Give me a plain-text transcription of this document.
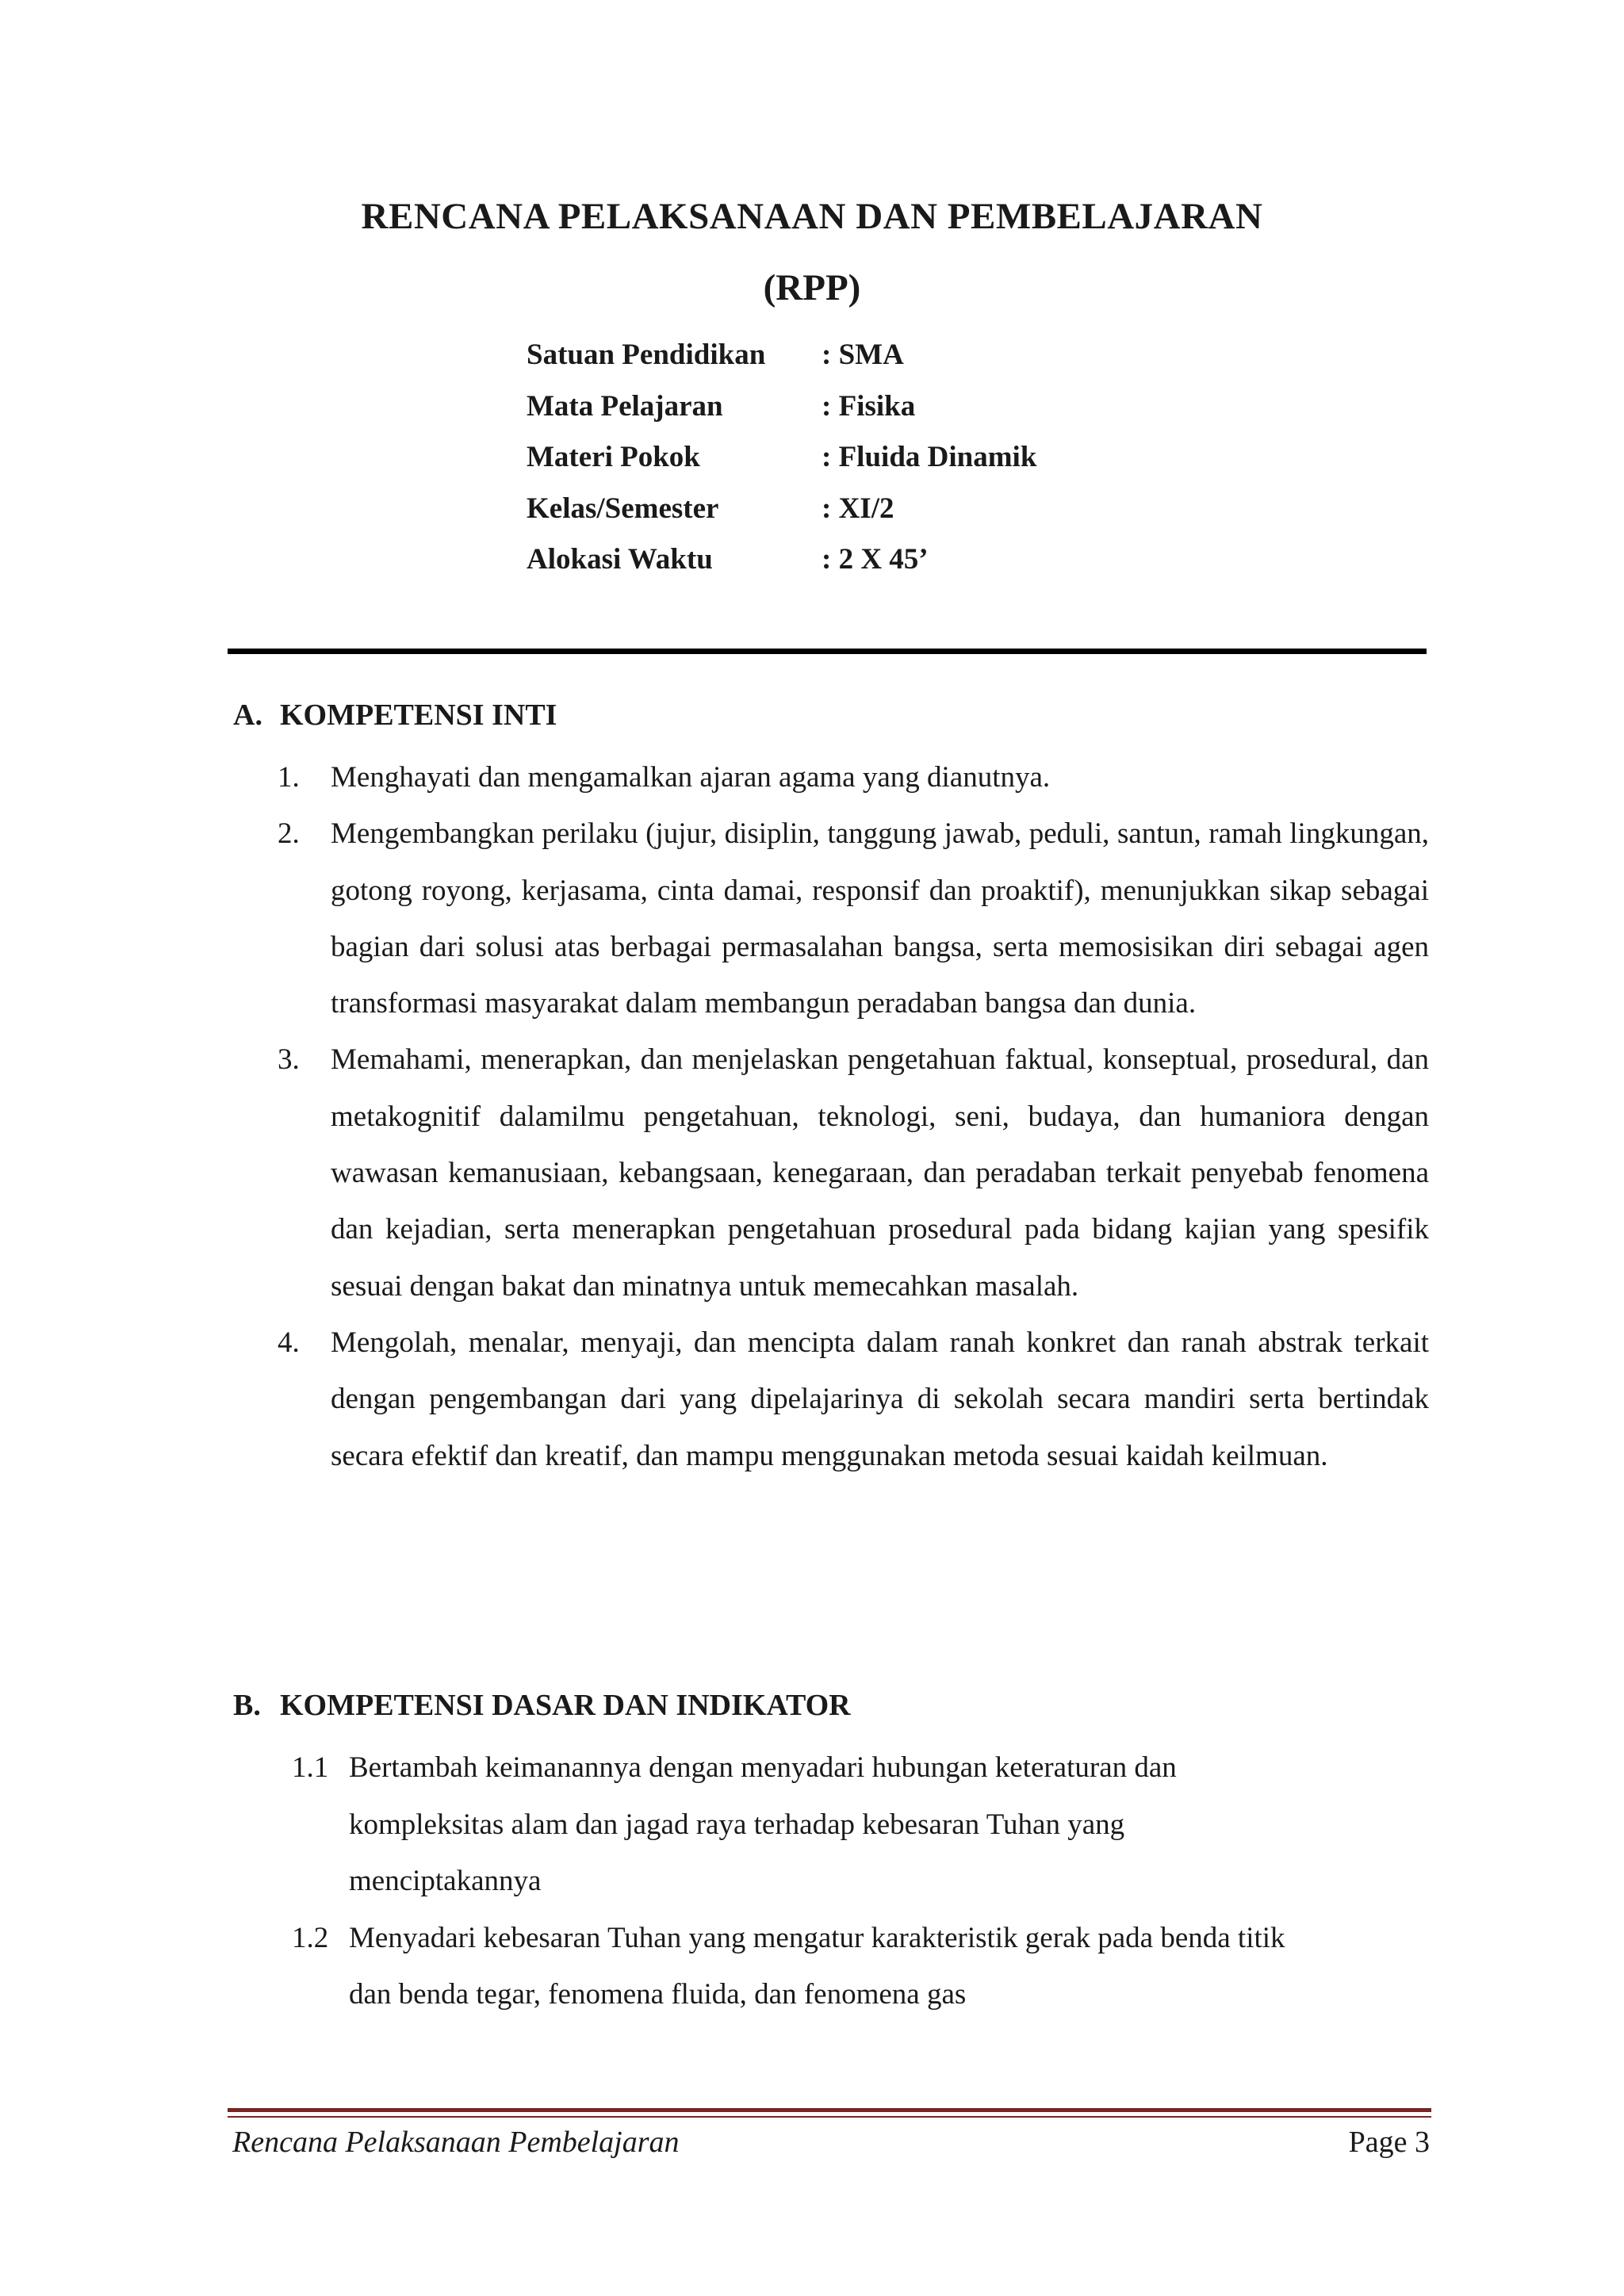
RENCANA PELAKSANAAN DAN PEMBELAJARAN
(RPP)
Satuan Pendidikan	: SMA
Mata Pelajaran	: Fisika
Materi Pokok	: Fluida Dinamik
Kelas/Semester	: XI/2
Alokasi Waktu	: 2 X 45’
A. KOMPETENSI INTI
1.	Menghayati dan mengamalkan ajaran agama yang dianutnya.
2.	Mengembangkan perilaku (jujur, disiplin, tanggung jawab, peduli, santun, ramah lingkungan, gotong royong, kerjasama, cinta damai, responsif dan proaktif), menunjukkan sikap sebagai bagian dari solusi atas berbagai permasalahan bangsa, serta memosisikan diri sebagai agen transformasi masyarakat dalam membangun peradaban bangsa dan dunia.
3.	Memahami, menerapkan, dan menjelaskan pengetahuan faktual, konseptual, prosedural, dan metakognitif dalamilmu pengetahuan, teknologi, seni, budaya, dan humaniora dengan wawasan kemanusiaan, kebangsaan, kenegaraan, dan peradaban terkait penyebab fenomena dan kejadian, serta menerapkan pengetahuan prosedural pada bidang kajian yang spesifik sesuai dengan bakat dan minatnya untuk memecahkan masalah.
4.	Mengolah, menalar, menyaji, dan mencipta dalam ranah konkret dan ranah abstrak terkait dengan pengembangan dari yang dipelajarinya di sekolah secara mandiri serta bertindak secara efektif dan kreatif, dan mampu menggunakan metoda sesuai kaidah keilmuan.
B. KOMPETENSI DASAR DAN INDIKATOR
1.1 Bertambah keimanannya dengan menyadari hubungan keteraturan dan
kompleksitas alam dan jagad raya terhadap kebesaran Tuhan yang
menciptakannya
1.2 Menyadari kebesaran Tuhan yang mengatur karakteristik gerak pada benda titik
dan benda tegar, fenomena fluida, dan fenomena gas
Rencana Pelaksanaan Pembelajaran	Page 3
